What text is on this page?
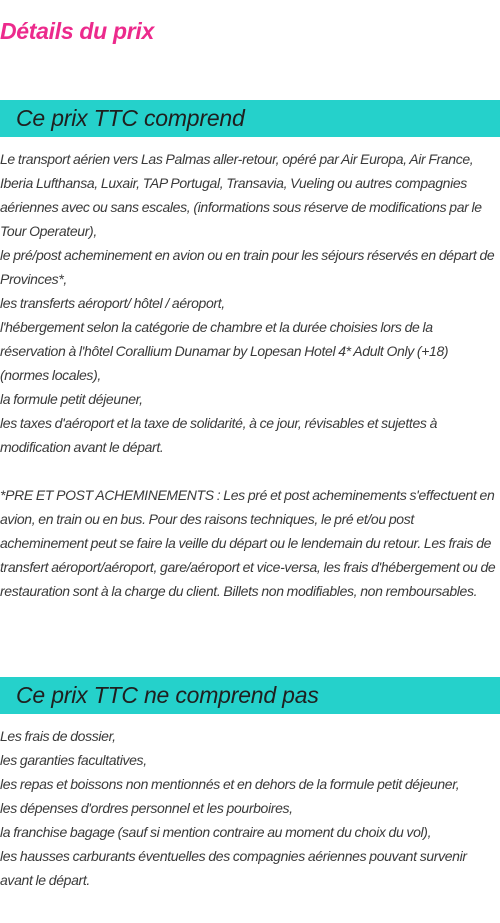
Détails du prix
Ce prix TTC comprend

Le transport aérien vers Las Palmas aller-retour, opéré par Air Europa, Air France, Iberia Lufthansa, Luxair, TAP Portugal, Transavia, Vueling ou autres compagnies aériennes avec ou sans escales, (informations sous réserve de modifications par le Tour Operateur),

le pré/post acheminement en avion ou en train pour les séjours réservés en départ de Provinces*,

les transferts aéroport/ hôtel / aéroport,

l'hébergement selon la catégorie de chambre et la durée choisies lors de la réservation à l'hôtel Corallium Dunamar by Lopesan Hotel 4* Adult Only (+18) (normes locales),

la formule petit déjeuner,

les taxes d'aéroport et la taxe de solidarité, à ce jour, révisables et sujettes à modification avant le départ.

*PRE ET POST ACHEMINEMENTS : Les pré et post acheminements s'effectuent en avion, en train ou en bus. Pour des raisons techniques, le pré et/ou post acheminement peut se faire la veille du départ ou le lendemain du retour. Les frais de transfert aéroport/aéroport, gare/aéroport et vice-versa, les frais d'hébergement ou de restauration sont à la charge du client. Billets non modifiables, non remboursables.

Ce prix TTC ne comprend pas

Les frais de dossier,

les garanties facultatives,

les repas et boissons non mentionnés et en dehors de la formule petit déjeuner,

les dépenses d'ordres personnel et les pourboires,

la franchise bagage (sauf si mention contraire au moment du choix du vol),

les hausses carburants éventuelles des compagnies aériennes pouvant survenir avant le départ.
